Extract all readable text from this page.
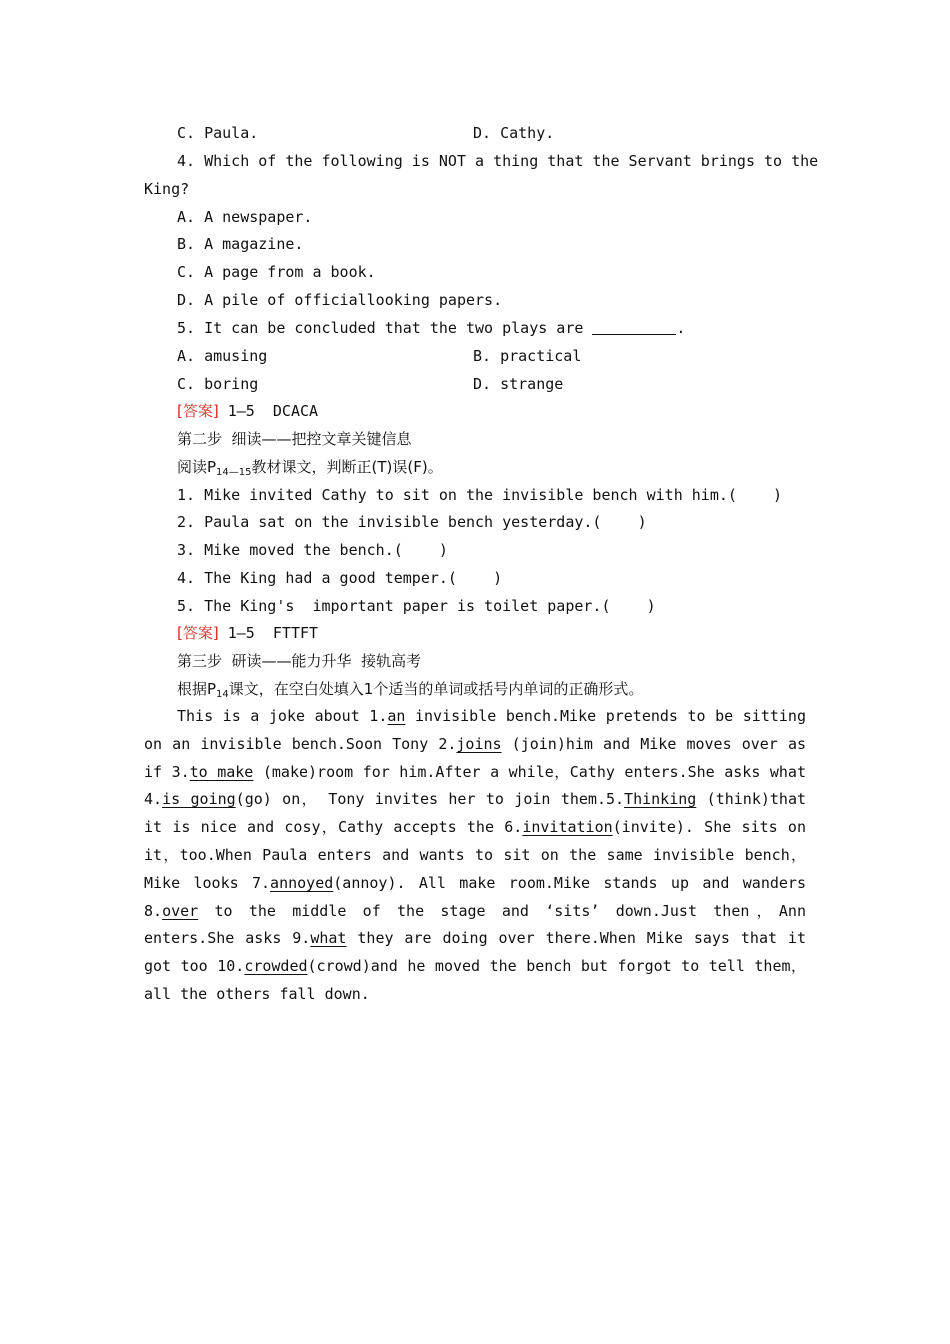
C. Paula.	D. Cathy.
4. Which of the following is NOT a thing that the Servant brings to the
King?
A. A newspaper.
B. A magazine.
C. A page from a book.
D. A pile of officiallooking papers.
5. It can be concluded that the two plays are	.
A. amusing	B. practical
C. boring	D. strange
[答案] 1—5  DCACA
第二步  细读——把控文章关键信息
阅读$P_{14—15}$教材课文，判断正(T)误(F)。
1. Mike invited Cathy to sit on the invisible bench with him.(    )
2. Paula sat on the invisible bench yesterday.(    )
3. Mike moved the bench.(    )
4. The King had a good temper.(    )
5. The King's  important paper is toilet paper.(    )
[答案] 1—5  FTTFT
第三步  研读——能力升华  接轨高考
根据$P_{14}$课文，在空白处填入1个适当的单词或括号内单词的正确形式。
This is a joke about 1.an invisible bench.Mike pretends to be sitting on an invisible bench.Soon Tony 2.joins (join)him and Mike moves over as if 3.to make (make)room for him.After a while，Cathy enters.She asks what 4.is going(go) on， Tony invites her to join them.5.Thinking (think)that it is nice and cosy，Cathy accepts the 6.invitation(invite). She sits on it，too.When Paula enters and wants to sit on the same invisible bench， Mike looks 7.annoyed(annoy). All make room.Mike stands up and wanders 8.over to the middle of the stage and ‘sits’ down.Just then，Ann enters.She asks 9.what they are doing over there.When Mike says that it got too 10.crowded(crowd)and he moved the bench but forgot to tell them，all the others fall down.
